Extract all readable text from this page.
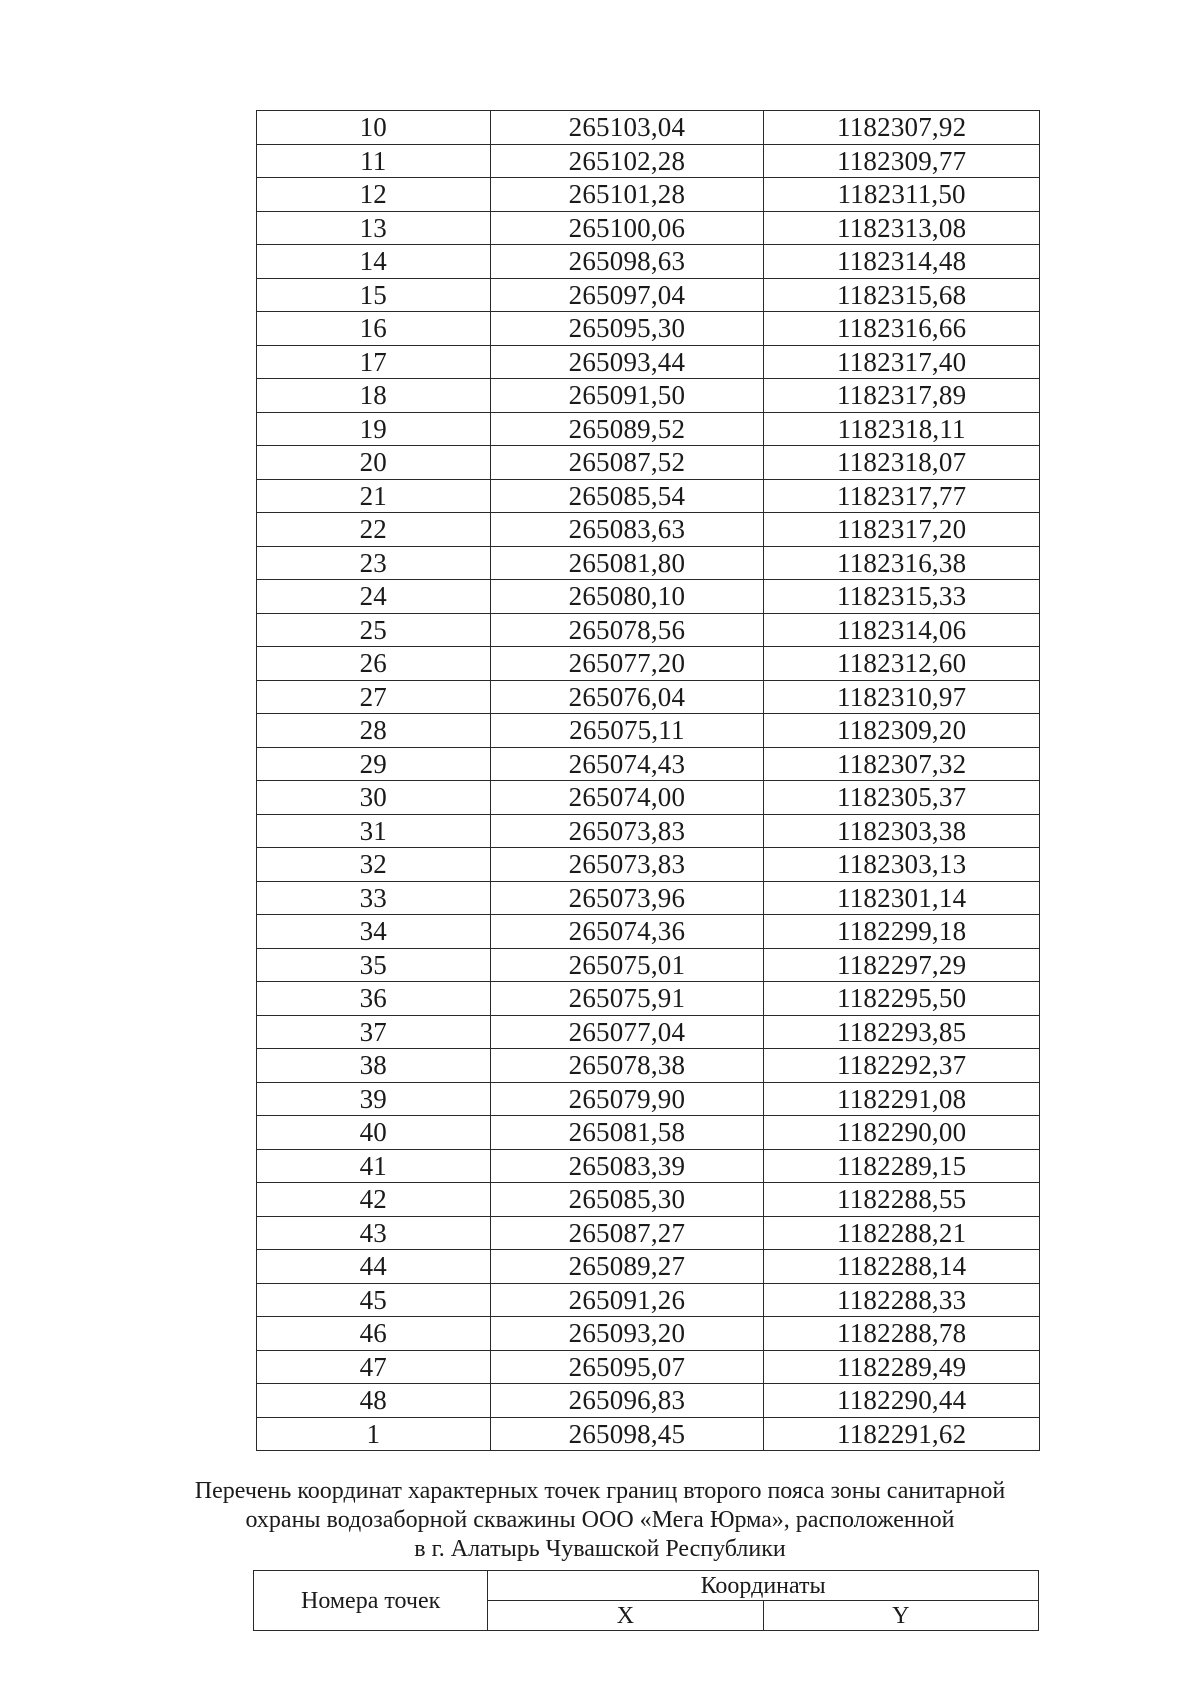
10	265103,04	1182307,92
11	265102,28	1182309,77
12	265101,28	1182311,50
13	265100,06	1182313,08
14	265098,63	1182314,48
15	265097,04	1182315,68
16	265095,30	1182316,66
17	265093,44	1182317,40
18	265091,50	1182317,89
19	265089,52	1182318,11
20	265087,52	1182318,07
21	265085,54	1182317,77
22	265083,63	1182317,20
23	265081,80	1182316,38
24	265080,10	1182315,33
25	265078,56	1182314,06
26	265077,20	1182312,60
27	265076,04	1182310,97
28	265075,11	1182309,20
29	265074,43	1182307,32
30	265074,00	1182305,37
31	265073,83	1182303,38
32	265073,83	1182303,13
33	265073,96	1182301,14
34	265074,36	1182299,18
35	265075,01	1182297,29
36	265075,91	1182295,50
37	265077,04	1182293,85
38	265078,38	1182292,37
39	265079,90	1182291,08
40	265081,58	1182290,00
41	265083,39	1182289,15
42	265085,30	1182288,55
43	265087,27	1182288,21
44	265089,27	1182288,14
45	265091,26	1182288,33
46	265093,20	1182288,78
47	265095,07	1182289,49
48	265096,83	1182290,44
1	265098,45	1182291,62
Перечень координат характерных точек границ второго пояса зоны санитарной
охраны водозаборной скважины ООО «Мега Юрма», расположенной
в г. Алатырь Чувашской Республики
Номера точек	Координаты	
	X	Y
